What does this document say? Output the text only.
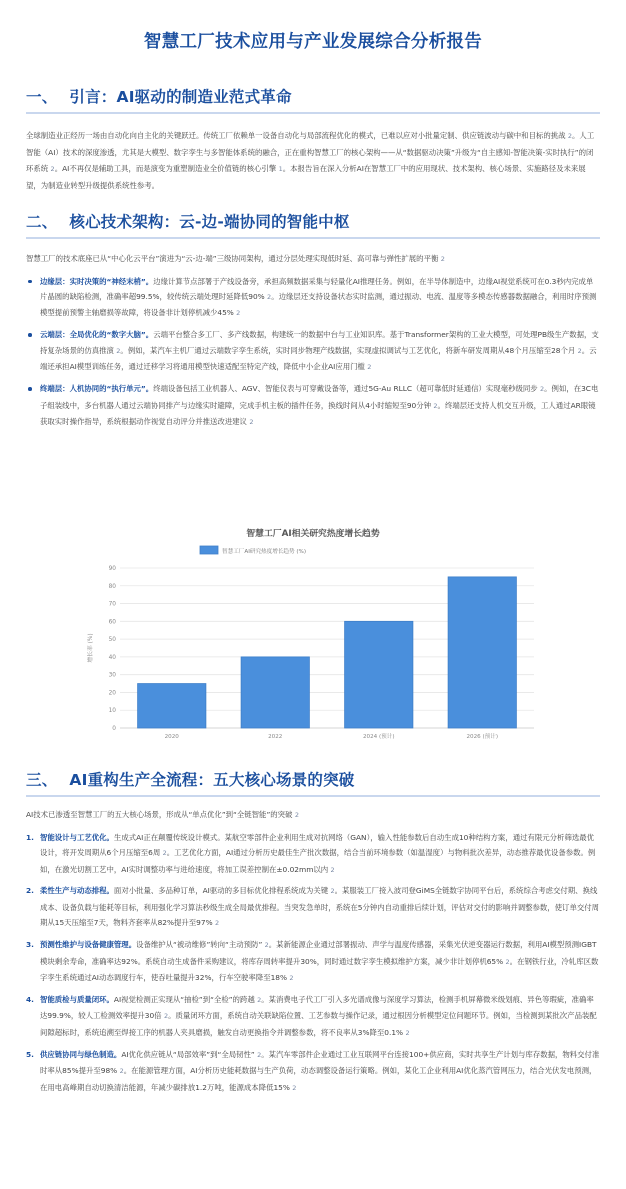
智慧工厂技术应用与产业发展综合分析报告
一、 引言：AI驱动的制造业范式革命

全球制造业正经历一场由自动化向自主化的关键跃迁。传统工厂依赖单一设备自动化与局部流程优化的模式，已难以应对小批量定制、供应链波动与碳中和目标的挑战 2。人工智能（AI）技术的深度渗透，尤其是大模型、数字孪生与多智能体系统的融合，正在重构智慧工厂的核心架构——从“数据驱动决策”升级为“自主感知-智能决策-实时执行”的闭环系统 2。AI不再仅是辅助工具，而是演变为重塑制造业全价值链的核心引擎 1。本报告旨在深入分析AI在智慧工厂中的应用现状、技术架构、核心场景、实施路径及未来展望，为制造业转型升级提供系统性参考。

二、 核心技术架构：云-边-端协同的智能中枢

智慧工厂的技术底座已从“中心化云平台”演进为“云-边-端”三级协同架构，通过分层处理实现低时延、高可靠与弹性扩展的平衡 2

边缘层：实时决策的“神经末梢”。边缘计算节点部署于产线设备旁，承担高频数据采集与轻量化AI推理任务。例如，在半导体制造中，边缘AI视觉系统可在0.3秒内完成单片晶圆的缺陷检测，准确率超99.5%，较传统云端处理时延降低90% 2。边缘层还支持设备状态实时监测，通过振动、电流、温度等多模态传感器数据融合，利用时序预测模型提前预警主轴磨损等故障，将设备非计划停机减少45% 2
云端层：全局优化的“数字大脑”。云端平台整合多工厂、多产线数据，构建统一的数据中台与工业知识库。基于Transformer架构的工业大模型，可处理PB级生产数据，支持复杂场景的仿真推演 2。例如，某汽车主机厂通过云端数字孪生系统，实时同步物理产线数据，实现虚拟调试与工艺优化，将新车研发周期从48个月压缩至28个月 2。云端还承担AI模型训练任务，通过迁移学习将通用模型快速适配至特定产线，降低中小企业AI应用门槛 2
终端层：人机协同的“执行单元”。终端设备包括工业机器人、AGV、智能仪表与可穿戴设备等，通过5G-Au RLLC（超可靠低时延通信）实现毫秒级同步 2。例如，在3C电子组装线中，多台机器人通过云端协同排产与边缘实时避障，完成手机主板的插件任务，换线时间从4小时缩短至90分钟 2。终端层还支持人机交互升级，工人通过AR眼镜获取实时操作指导，系统根据动作视觉自动评分并推送改进建议 2
智慧工厂AI相关研究热度增长趋势
智慧工厂AI研究热度增长趋势 (%)
0
10
20
30
40
50
60
70
80
90
增长率 (%)
2020	2022	2024 (预计)	2026 (预计)
三、 AI重构生产全流程：五大核心场景的突破

AI技术已渗透至智慧工厂的五大核心场景，形成从“单点优化”到“全链智能”的突破 2

1. 智能设计与工艺优化。生成式AI正在颠覆传统设计模式。某航空零部件企业利用生成对抗网络（GAN），输入性能参数后自动生成10种结构方案，通过有限元分析筛选最优设计，将开发周期从6个月压缩至6周 2。工艺优化方面，AI通过分析历史最佳生产批次数据，结合当前环境参数（如温湿度）与物料批次差异，动态推荐最优设备参数。例如，在激光切割工艺中，AI实时调整功率与进给速度，将加工误差控制在±0.02mm以内 2
2. 柔性生产与动态排程。面对小批量、多品种订单，AI驱动的多目标优化排程系统成为关键 2。某服装工厂接入波司登GiMS全链数字协同平台后，系统综合考虑交付期、换线成本、设备负载与能耗等目标，利用强化学习算法秒级生成全局最优排程。当突发急单时，系统在5分钟内自动重排后续计划，评估对交付的影响并调整参数，使订单交付周期从15天压缩至7天，物料齐套率从82%提升至97% 2
3. 预测性维护与设备健康管理。设备维护从“被动维修”转向“主动预防” 2。某新能源企业通过部署振动、声学与温度传感器，采集光伏逆变器运行数据，利用AI模型预测IGBT模块剩余寿命，准确率达92%。系统自动生成备件采购建议，将库存周转率提升30%，同时通过数字孪生模拟维护方案，减少非计划停机65% 2。在钢铁行业，冷轧库区数字孪生系统通过AI动态调度行车，使吞吐量提升32%，行车空驶率降至18% 2
4. 智能质检与质量闭环。AI视觉检测正实现从“抽检”到“全检”的跨越 2。某消费电子代工厂引入多光谱成像与深度学习算法，检测手机屏幕微米级划痕、异色等瑕疵，准确率达99.9%，较人工检测效率提升30倍 2。质量闭环方面，系统自动关联缺陷位置、工艺参数与操作记录，通过根因分析模型定位问题环节。例如，当检测到某批次产品装配间隙超标时，系统追溯至焊接工序的机器人夹具磨损，触发自动更换指令并调整参数，将不良率从3%降至0.1% 2
5. 供应链协同与绿色制造。AI优化供应链从“局部效率”到“全局韧性” 2。某汽车零部件企业通过工业互联网平台连接100+供应商，实时共享生产计划与库存数据，物料交付准时率从85%提升至98% 2。在能源管理方面，AI分析历史能耗数据与生产负荷，动态调整设备运行策略。例如，某化工企业利用AI优化蒸汽管网压力，结合光伏发电预测，在用电高峰期自动切换清洁能源，年减少碳排放1.2万吨，能源成本降低15% 2
